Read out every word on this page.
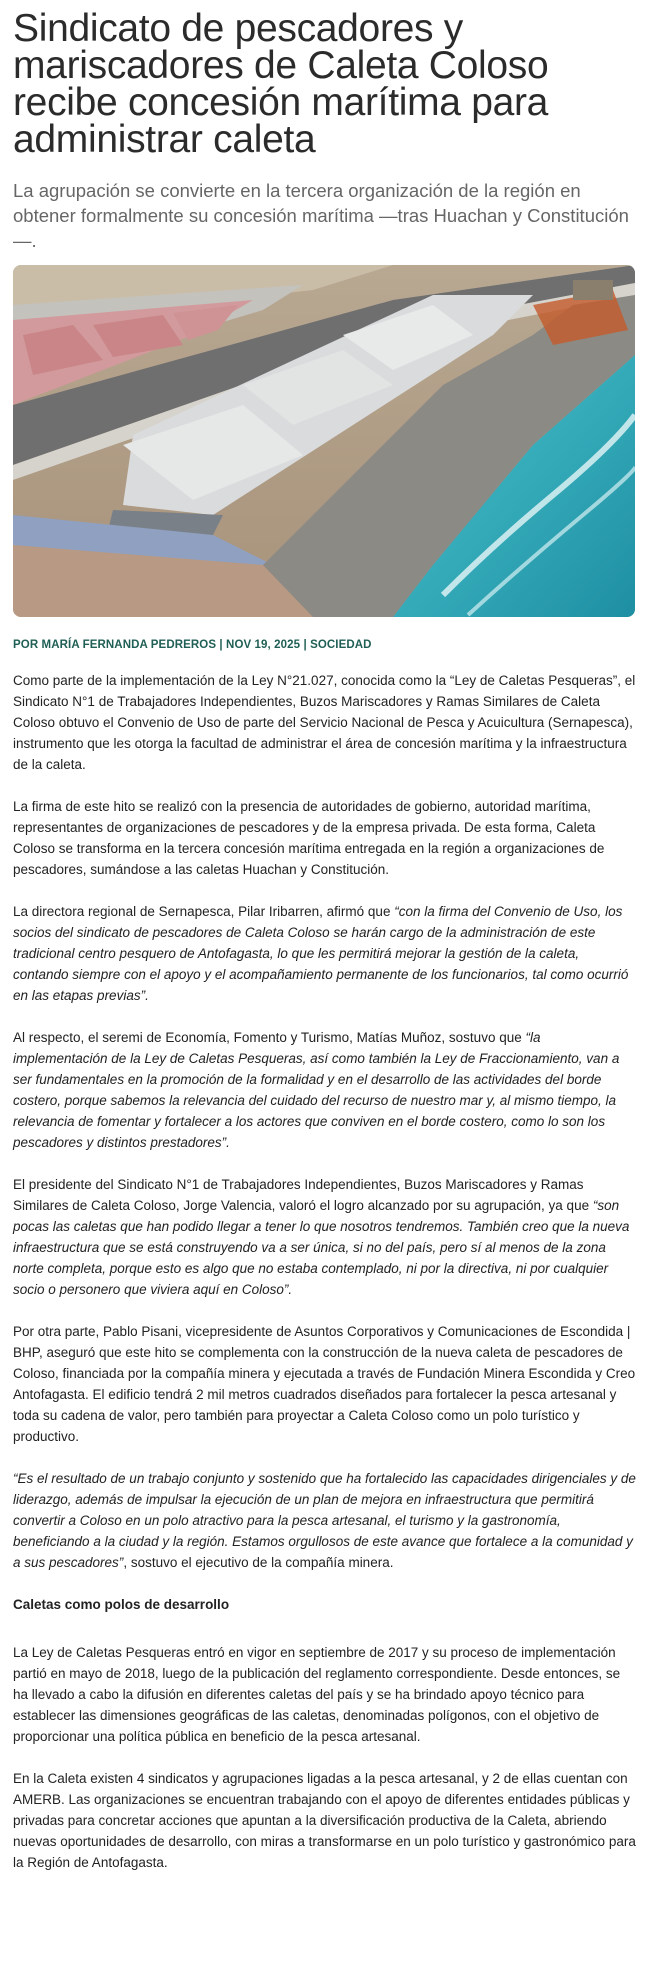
Sindicato de pescadores y mariscadores de Caleta Coloso recibe concesión marítima para administrar caleta

La agrupación se convierte en la tercera organización de la región en obtener formalmente su concesión marítima —tras Huachan y Constitución—.

POR MARÍA FERNANDA PEDREROS | NOV 19, 2025 | SOCIEDAD

Como parte de la implementación de la Ley N°21.027, conocida como la “Ley de Caletas Pesqueras”, el Sindicato N°1 de Trabajadores Independientes, Buzos Mariscadores y Ramas Similares de Caleta Coloso obtuvo el Convenio de Uso de parte del Servicio Nacional de Pesca y Acuicultura (Sernapesca), instrumento que les otorga la facultad de administrar el área de concesión marítima y la infraestructura de la caleta.

La firma de este hito se realizó con la presencia de autoridades de gobierno, autoridad marítima, representantes de organizaciones de pescadores y de la empresa privada. De esta forma, Caleta Coloso se transforma en la tercera concesión marítima entregada en la región a organizaciones de pescadores, sumándose a las caletas Huachan y Constitución.

La directora regional de Sernapesca, Pilar Iribarren, afirmó que “con la firma del Convenio de Uso, los socios del sindicato de pescadores de Caleta Coloso se harán cargo de la administración de este tradicional centro pesquero de Antofagasta, lo que les permitirá mejorar la gestión de la caleta, contando siempre con el apoyo y el acompañamiento permanente de los funcionarios, tal como ocurrió en las etapas previas”.

Al respecto, el seremi de Economía, Fomento y Turismo, Matías Muñoz, sostuvo que “la implementación de la Ley de Caletas Pesqueras, así como también la Ley de Fraccionamiento, van a ser fundamentales en la promoción de la formalidad y en el desarrollo de las actividades del borde costero, porque sabemos la relevancia del cuidado del recurso de nuestro mar y, al mismo tiempo, la relevancia de fomentar y fortalecer a los actores que conviven en el borde costero, como lo son los pescadores y distintos prestadores”.

El presidente del Sindicato N°1 de Trabajadores Independientes, Buzos Mariscadores y Ramas Similares de Caleta Coloso, Jorge Valencia, valoró el logro alcanzado por su agrupación, ya que “son pocas las caletas que han podido llegar a tener lo que nosotros tendremos. También creo que la nueva infraestructura que se está construyendo va a ser única, si no del país, pero sí al menos de la zona norte completa, porque esto es algo que no estaba contemplado, ni por la directiva, ni por cualquier socio o personero que viviera aquí en Coloso”.

Por otra parte, Pablo Pisani, vicepresidente de Asuntos Corporativos y Comunicaciones de Escondida | BHP, aseguró que este hito se complementa con la construcción de la nueva caleta de pescadores de Coloso, financiada por la compañía minera y ejecutada a través de Fundación Minera Escondida y Creo Antofagasta. El edificio tendrá 2 mil metros cuadrados diseñados para fortalecer la pesca artesanal y toda su cadena de valor, pero también para proyectar a Caleta Coloso como un polo turístico y productivo.

“Es el resultado de un trabajo conjunto y sostenido que ha fortalecido las capacidades dirigenciales y de liderazgo, además de impulsar la ejecución de un plan de mejora en infraestructura que permitirá convertir a Coloso en un polo atractivo para la pesca artesanal, el turismo y la gastronomía, beneficiando a la ciudad y la región. Estamos orgullosos de este avance que fortalece a la comunidad y a sus pescadores”, sostuvo el ejecutivo de la compañía minera.

Caletas como polos de desarrollo

La Ley de Caletas Pesqueras entró en vigor en septiembre de 2017 y su proceso de implementación partió en mayo de 2018, luego de la publicación del reglamento correspondiente. Desde entonces, se ha llevado a cabo la difusión en diferentes caletas del país y se ha brindado apoyo técnico para establecer las dimensiones geográficas de las caletas, denominadas polígonos, con el objetivo de proporcionar una política pública en beneficio de la pesca artesanal.

En la Caleta existen 4 sindicatos y agrupaciones ligadas a la pesca artesanal, y 2 de ellas cuentan con AMERB. Las organizaciones se encuentran trabajando con el apoyo de diferentes entidades públicas y privadas para concretar acciones que apuntan a la diversificación productiva de la Caleta, abriendo nuevas oportunidades de desarrollo, con miras a transformarse en un polo turístico y gastronómico para la Región de Antofagasta.
